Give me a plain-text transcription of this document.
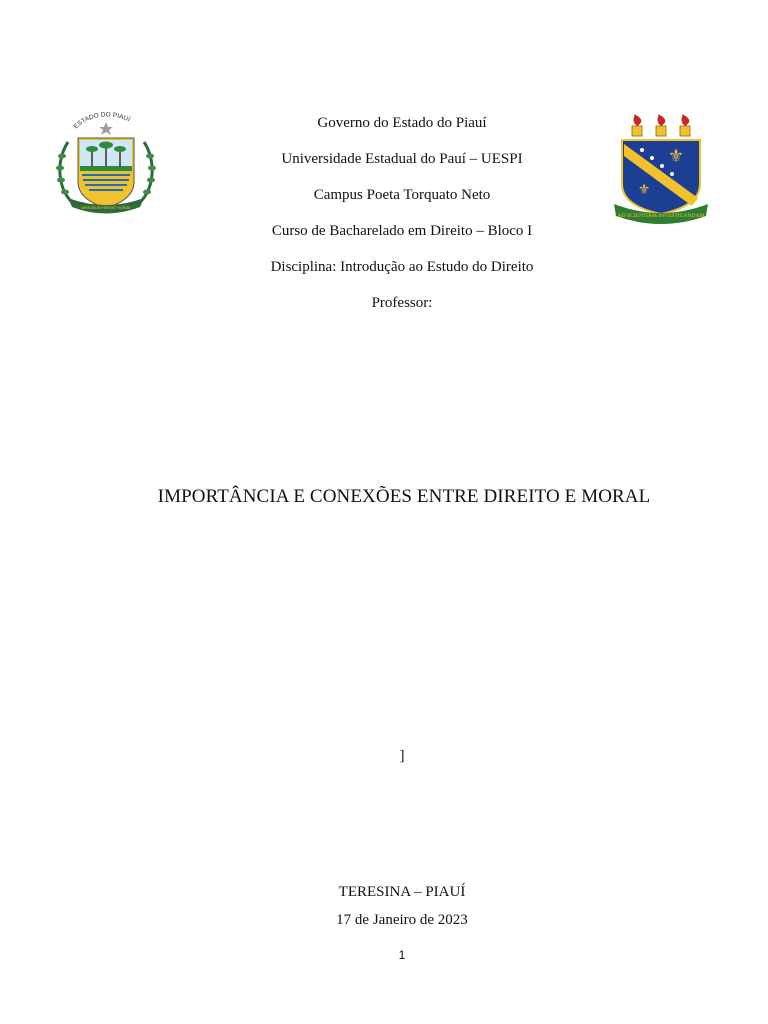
ESTADO DO PIAUÍ
IMPAVIDUM FERIENT RUINAE
Governo do Estado do Piauí
Universidade Estadual do Pauí – UESPI
Campus Poeta Torquato Neto
Curso de Bacharelado em Direito – Bloco I
Disciplina: Introdução ao Estudo do Direito
Professor:
⚜
⚜
AD SCIENTIAM INVESTIGANDAM
IMPORTÂNCIA E CONEXÕES ENTRE DIREITO E MORAL
]
TERESINA – PIAUÍ
17 de Janeiro de 2023
1
